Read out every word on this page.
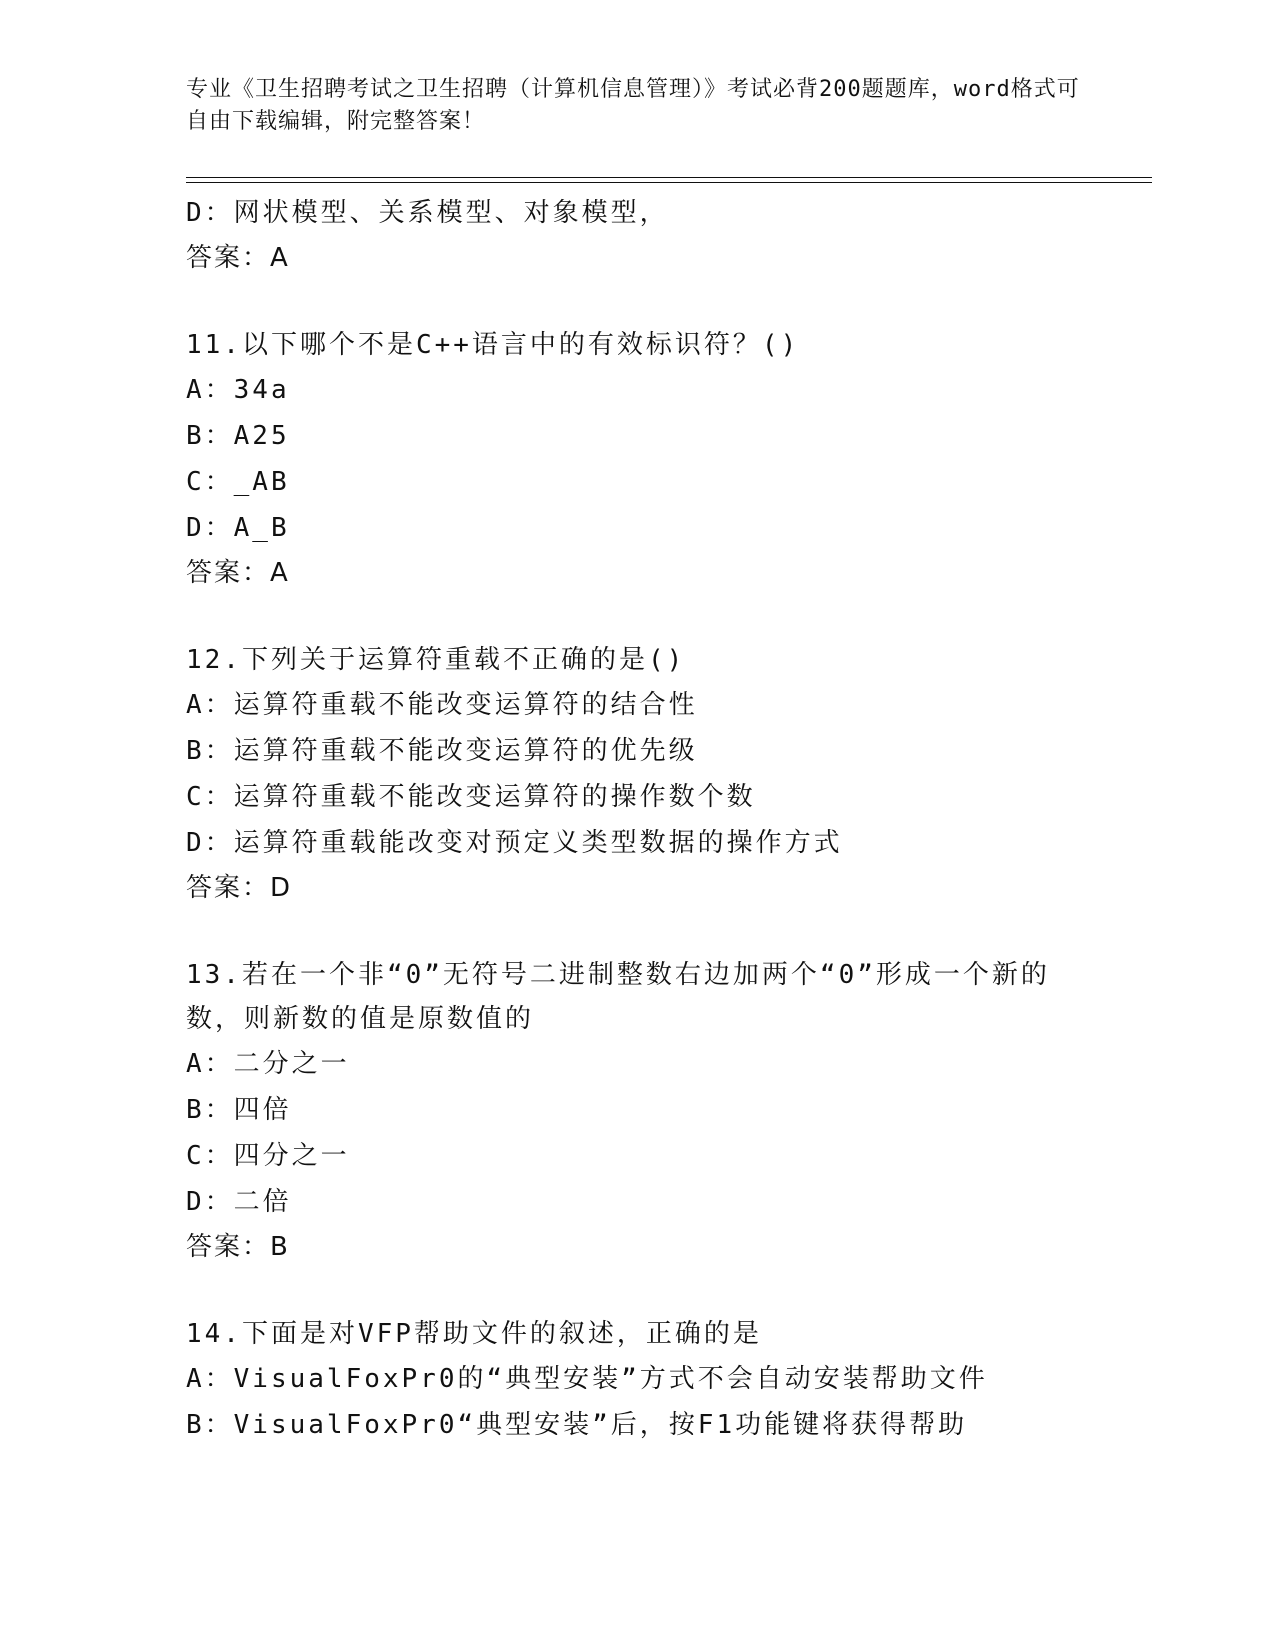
专业《卫生招聘考试之卫生招聘（计算机信息管理）》考试必背200题题库，word格式可自由下载编辑，附完整答案！
D：网状模型、关系模型、对象模型，
答案：A
11.以下哪个不是C++语言中的有效标识符？()
A：34a
B：A25
C：_AB
D：A_B
答案：A
12.下列关于运算符重载不正确的是()
A：运算符重载不能改变运算符的结合性
B：运算符重载不能改变运算符的优先级
C：运算符重载不能改变运算符的操作数个数
D：运算符重载能改变对预定义类型数据的操作方式
答案：D
13.若在一个非“0”无符号二进制整数右边加两个“0”形成一个新的数，则新数的值是原数值的
A：二分之一
B：四倍
C：四分之一
D：二倍
答案：B
14.下面是对VFP帮助文件的叙述，正确的是
A：VisualFoxPr0的“典型安装”方式不会自动安装帮助文件
B：VisualFoxPr0“典型安装”后，按F1功能键将获得帮助
